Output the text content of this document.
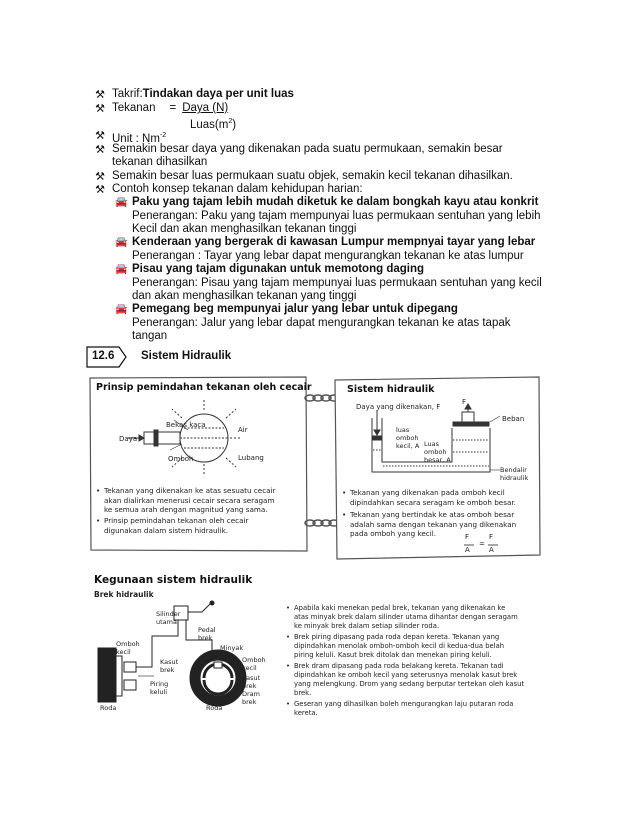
⚒ Takrif:Tindakan daya per unit luas
⚒ Tekanan = Daya (N)
$Luas(m^2)$
⚒ Unit : $Nm^{-2}$
⚒ Semakin besar daya yang dikenakan pada suatu permukaan, semakin besar
tekanan dihasilkan
⚒ Semakin besar luas permukaan suatu objek, semakin kecil tekanan dihasilkan.
⚒ Contoh konsep tekanan dalam kehidupan harian:
🚘 Paku yang tajam lebih mudah diketuk ke dalam bongkah kayu atau konkrit
Penerangan: Paku yang tajam mempunyai luas permukaan sentuhan yang lebih
Kecil dan akan menghasilkan tekanan tinggi
🚘 Kenderaan yang bergerak di kawasan Lumpur mempnyai tayar yang lebar
Penerangan : Tayar yang lebar dapat mengurangkan tekanan ke atas lumpur
🚘 Pisau yang tajam digunakan untuk memotong daging
Penerangan: Pisau yang tajam mempunyai luas permukaan sentuhan yang kecil
dan akan menghasilkan tekanan yang tinggi
🚘 Pemegang beg mempunyai jalur yang lebar untuk dipegang
Penerangan: Jalur yang lebar dapat mengurangkan tekanan ke atas tapak
tangan
12.6 Sistem Hidraulik
Prinsip pemindahan tekanan oleh cecair
Bekas kaca
Daya
Omboh
Air
Lubang
• Tekanan yang dikenakan ke atas sesuatu cecair
akan dialirkan menerusi cecair secara seragam
ke semua arah dengan magnitud yang sama.
• Prinsip pemindahan tekanan oleh cecair
digunakan dalam sistem hidraulik.
Sistem hidraulik
Daya yang dikenakan, F
F
Beban
luas
omboh
kecil, A Luas
omboh
besar, A
Bendalir
hidraulik
• Tekanan yang dikenakan pada omboh kecil
dipindahkan secara seragam ke omboh besar.
• Tekanan yang bertindak ke atas omboh besar
adalah sama dengan tekanan yang dikenakan
pada omboh yang kecil.	F
A
=
F
A
Kegunaan sistem hidraulik
Brek hidraulik
Silinder
utama
Pedal
brek
Omboh
kecil	Minyak
brek
Kasut
brek
Omboh
kecil
Piring
keluli
Kasut
brek
Dram
brek
Roda	Roda
• Apabila kaki menekan pedal brek, tekanan yang dikenakan ke
atas minyak brek dalam silinder utama dihantar dengan seragam
ke minyak brek dalam setiap silinder roda.
• Brek piring dipasang pada roda depan kereta. Tekanan yang
dipindahkan menolak omboh-omboh kecil di kedua-dua belah
piring keluli. Kasut brek ditolak dan menekan piring keluli.
• Brek dram dipasang pada roda belakang kereta. Tekanan tadi
dipindahkan ke omboh kecil yang seterusnya menolak kasut brek
yang melengkung. Drom yang sedang berputar tertekan oleh kasut
brek.
• Geseran yang dihasilkan boleh mengurangkan laju putaran roda
kereta.
